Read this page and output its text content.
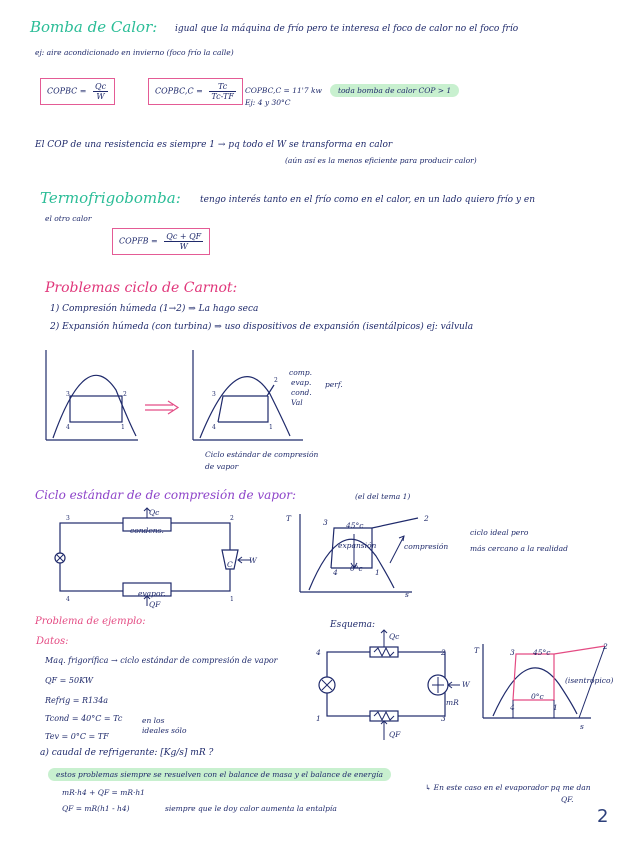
Bomba de Calor: igual que la máquina de frío pero te interesa el foco de calor no el foco frío
ej: aire acondicionado en invierno (foco frío la calle)
COPBC = $\frac{Qc}{W}$	COPBC,C = $\frac{Tc}{Tc-TF}$ COPBC,C = 11'7 kw
Ej: 4 y 30°C
toda bomba de calor COP > 1
El COP de una resistencia es siempre 1 → pq todo el W se transforma en calor
(aún así es la menos eficiente para producir calor)
Termofrigobomba: tengo interés tanto en el frío como en el calor, en un lado quiero frío y en
el otro calor
COPFB = $\frac{Qc + QF}{W}$
Problemas ciclo de Carnot:
1) Compresión húmeda (1→2) ⇒ La hago seca
2) Expansión húmeda (con turbina) ⇒ uso dispositivos de expansión (isentálpicos) ej: válvula
3	2
4	1
3
2
4	1
comp.
evap.
cond.
Val
perf.
Ciclo estándar de compresión
de vapor
Ciclo estándar de de compresión de vapor:	(el del tema 1)
3	2
4	1
condens.
evapor.
C W
Qc
QF
T
s
45°c
expansión	compresión
0°c
3	2
4	1
ciclo ideal pero
más cercano a la realidad
Problema de ejemplo:
Datos:
Maq. frigorífica → ciclo estándar de compresión de vapor
QF = 50KW
Refrig = R134a
Tcond = 40°C = Tc
Tev = 0°C = TF
en los
ideales sólo
a) caudal de refrigerante: [Kg/s] mR ?
estos problemas siempre se resuelven con el balance de masa y el balance de energía
mR·h4 + QF = mR·h1
QF = mR(h1 - h4)	siempre que le doy calor aumenta la entalpía
↳ En este caso en el evaporador pq me dan
QF.
Esquema:
4	2
1	3
Qc
W
mR
QF
T
s
45°c
0°c
(isentrópico)
3
2
4	1
2
